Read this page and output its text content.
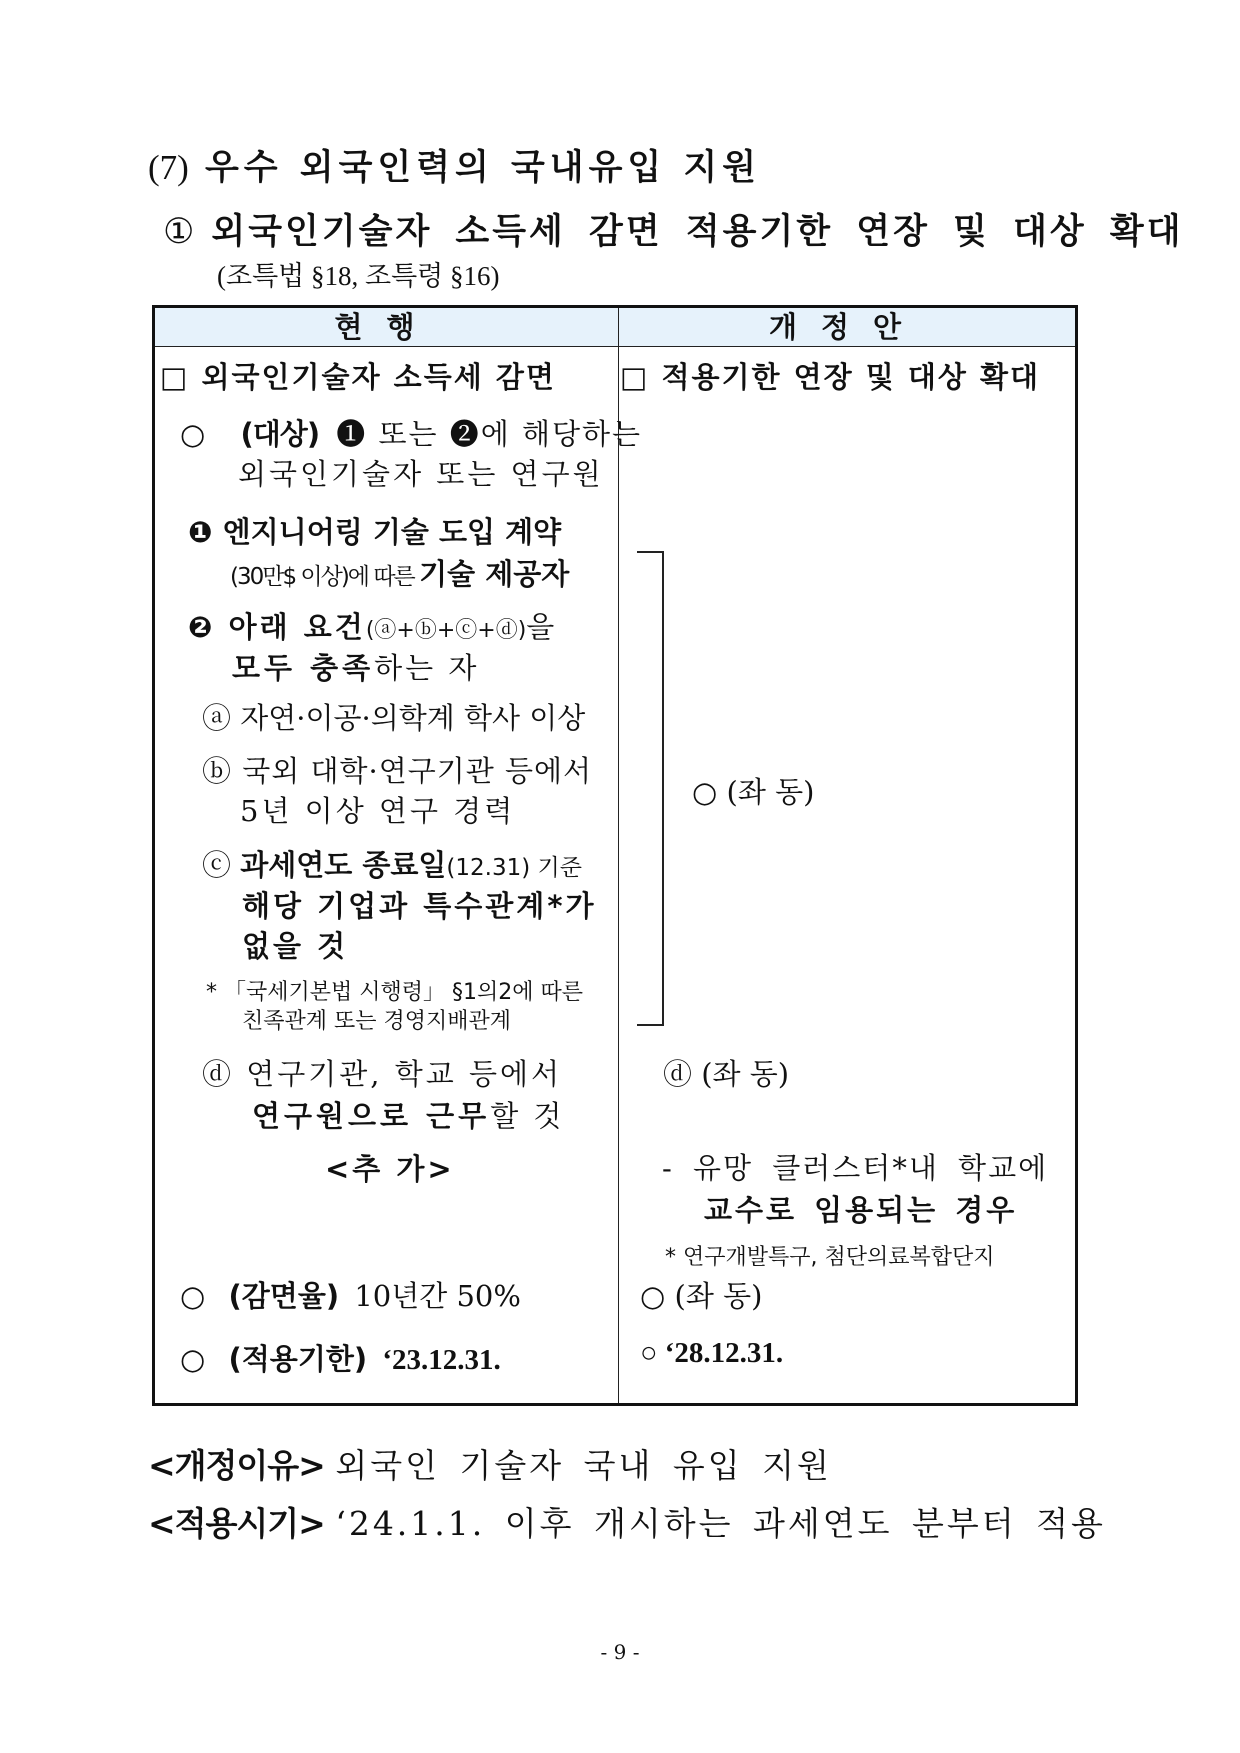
(7) 우수 외국인력의 국내유입 지원
① 외국인기술자 소득세 감면 적용기한 연장 및 대상 확대
(조특법 §18, 조특령 §16)
현행	개정안
□ 외국인기술자 소득세 감면
○ (대상) ❶ 또는 ❷에 해당하는
외국인기술자 또는 연구원
❶ 엔지니어링 기술 도입 계약
(30만$ 이상)에 따른 기술 제공자
❷ 아래 요건(ⓐ+ⓑ+ⓒ+ⓓ)을
모두 충족하는 자
ⓐ 자연·이공·의학계 학사 이상
ⓑ 국외 대학·연구기관 등에서
5년 이상 연구 경력
ⓒ 과세연도 종료일(12.31) 기준
해당 기업과 특수관계*가
없을 것
* 「국세기본법 시행령」 §1의2에 따른
친족관계 또는 경영지배관계
ⓓ 연구기관, 학교 등에서
연구원으로 근무할 것
<추 가>
○ (감면율) 10년간 50%
○ (적용기한) ‘23.12.31.
□ 적용기한 연장 및 대상 확대
○ (좌 동)
ⓓ (좌 동)
- 유망 클러스터*내 학교에
교수로 임용되는 경우
* 연구개발특구, 첨단의료복합단지
○ (좌 동)
○ ‘28.12.31.
<개정이유> 외국인 기술자 국내 유입 지원
<적용시기> ‘24.1.1. 이후 개시하는 과세연도 분부터 적용
- 9 -
